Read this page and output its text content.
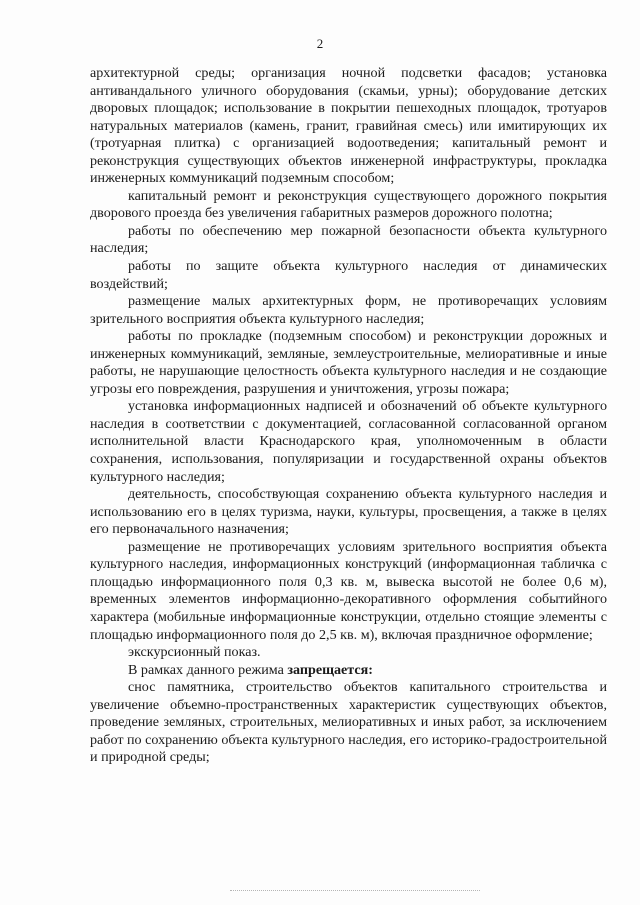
2

архитектурной среды; организация ночной подсветки фасадов; установка антивандального уличного оборудования (скамьи, урны); оборудование детских дворовых площадок; использование в покрытии пешеходных площадок, тротуаров натуральных материалов (камень, гранит, гравийная смесь) или имитирующих их (тротуарная плитка) с организацией водоотведения; капитальный ремонт и реконструкция существующих объектов инженерной инфраструктуры, прокладка инженерных коммуникаций подземным способом;

капитальный ремонт и реконструкция существующего дорожного покрытия дворового проезда без увеличения габаритных размеров дорожного полотна;

работы по обеспечению мер пожарной безопасности объекта культурного наследия;

работы по защите объекта культурного наследия от динамических воздействий;

размещение малых архитектурных форм, не противоречащих условиям зрительного восприятия объекта культурного наследия;

работы по прокладке (подземным способом) и реконструкции дорожных и инженерных коммуникаций, земляные, землеустроительные, мелиоративные и иные работы, не нарушающие целостность объекта культурного наследия и не создающие угрозы его повреждения, разрушения и уничтожения, угрозы пожара;

установка информационных надписей и обозначений об объекте культурного наследия в соответствии с документацией, согласованной согласованной органом исполнительной власти Краснодарского края, уполномоченным в области сохранения, использования, популяризации и государственной охраны объектов культурного наследия;

деятельность, способствующая сохранению объекта культурного наследия и использованию его в целях туризма, науки, культуры, просвещения, а также в целях его первоначального назначения;

размещение не противоречащих условиям зрительного восприятия объекта культурного наследия, информационных конструкций (информационная табличка с площадью информационного поля 0,3 кв. м, вывеска высотой не более 0,6 м), временных элементов информационно-декоративного оформления событийного характера (мобильные информационные конструкции, отдельно стоящие элементы с площадью информационного поля до 2,5 кв. м), включая праздничное оформление;

экскурсионный показ.

В рамках данного режима запрещается:

снос памятника, строительство объектов капитального строительства и увеличение объемно-пространственных характеристик существующих объектов, проведение земляных, строительных, мелиоративных и иных работ, за исключением работ по сохранению объекта культурного наследия, его историко-градостроительной и природной среды;
